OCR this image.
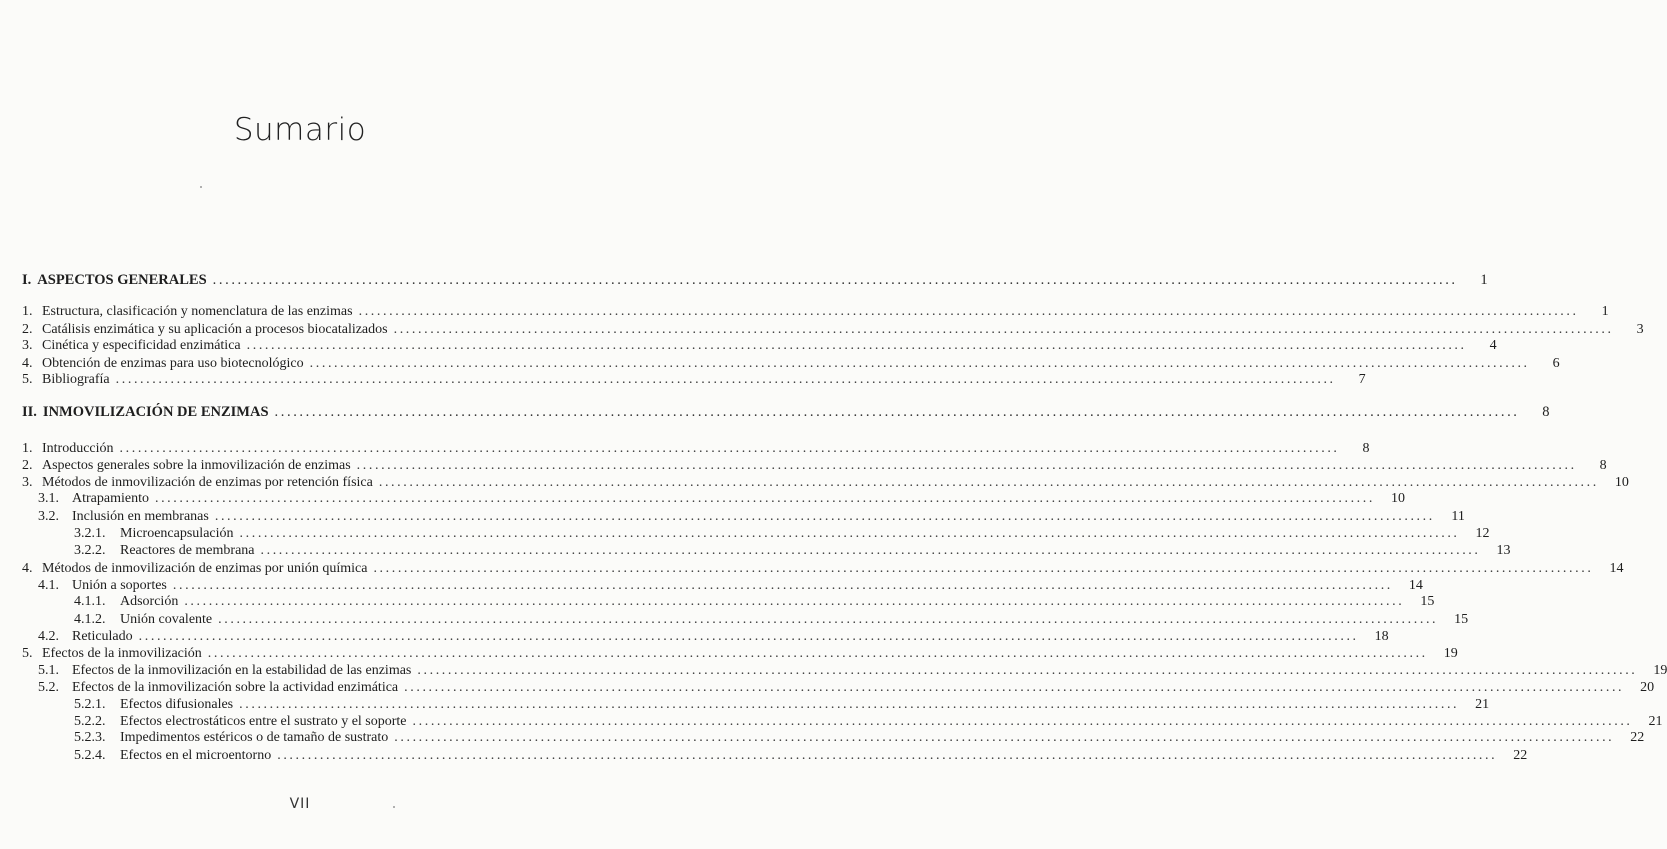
Sumario
I. ASPECTOS GENERALES ........................................................................................................................................................................................................	1
1. Estructura, clasificación y nomenclatura de las enzimas ........................................................................................................................................................................................................	1
2. Catálisis enzimática y su aplicación a procesos biocatalizados ........................................................................................................................................................................................................	3
3. Cinética y especificidad enzimática ........................................................................................................................................................................................................	4
4. Obtención de enzimas para uso biotecnológico ........................................................................................................................................................................................................	6
5. Bibliografía ........................................................................................................................................................................................................	7
II. INMOVILIZACIÓN DE ENZIMAS ........................................................................................................................................................................................................	8
1. Introducción ........................................................................................................................................................................................................	8
2. Aspectos generales sobre la inmovilización de enzimas ........................................................................................................................................................................................................	8
3. Métodos de inmovilización de enzimas por retención física ........................................................................................................................................................................................................	10
3.1. Atrapamiento ........................................................................................................................................................................................................	10
3.2. Inclusión en membranas ........................................................................................................................................................................................................	11
3.2.1.	Microencapsulación ........................................................................................................................................................................................................	12
3.2.2.	Reactores de membrana ........................................................................................................................................................................................................	13
4. Métodos de inmovilización de enzimas por unión química ........................................................................................................................................................................................................	14
4.1. Unión a soportes ........................................................................................................................................................................................................	14
4.1.1.	Adsorción ........................................................................................................................................................................................................	15
4.1.2.	Unión covalente ........................................................................................................................................................................................................	15
4.2. Reticulado ........................................................................................................................................................................................................	18
5. Efectos de la inmovilización ........................................................................................................................................................................................................	19
5.1. Efectos de la inmovilización en la estabilidad de las enzimas ........................................................................................................................................................................................................	19
5.2. Efectos de la inmovilización sobre la actividad enzimática ........................................................................................................................................................................................................	20
5.2.1.	Efectos difusionales ........................................................................................................................................................................................................	21
5.2.2.	Efectos electrostáticos entre el sustrato y el soporte ........................................................................................................................................................................................................	21
5.2.3.	Impedimentos estéricos o de tamaño de sustrato ........................................................................................................................................................................................................	22
5.2.4.	Efectos en el microentorno ........................................................................................................................................................................................................	22
VII
